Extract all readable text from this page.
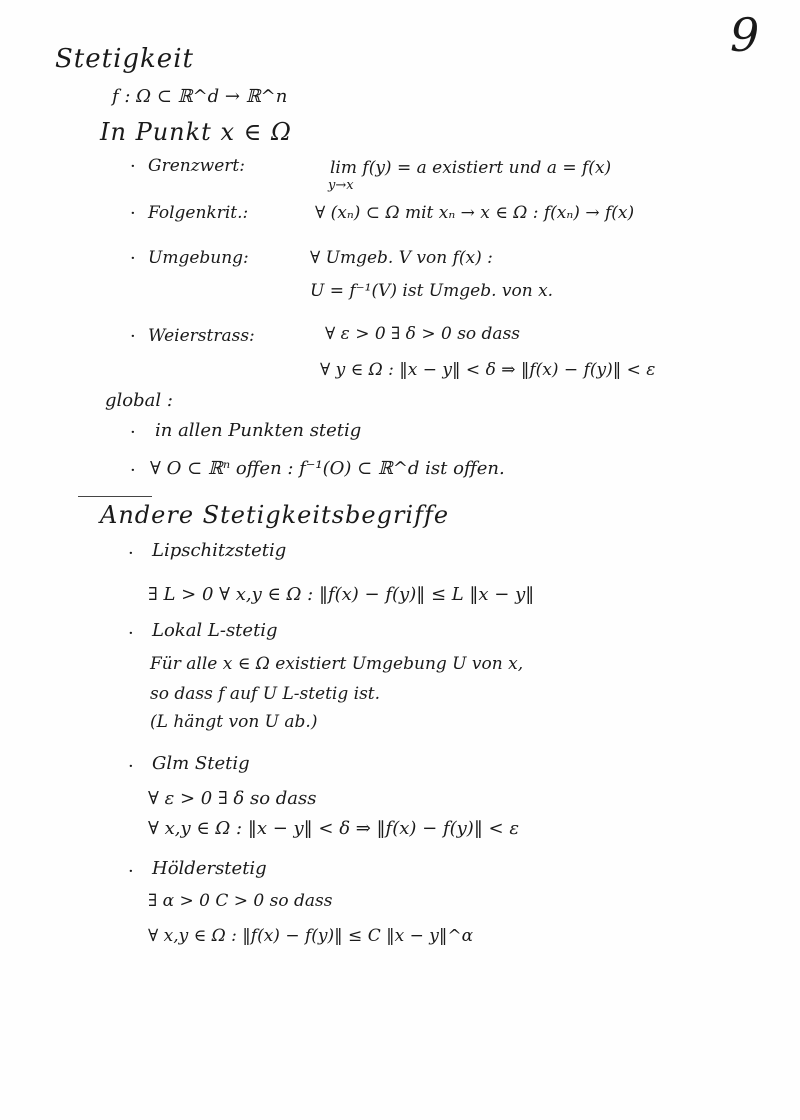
9
Stetigkeit
f : Ω ⊂ ℝ^d → ℝ^n
In Punkt x ∈ Ω
· Grenzwert:	lim f(y) = a existiert und a = f(x)
y→x
· Folgenkrit.:	∀ (xₙ) ⊂ Ω mit xₙ → x ∈ Ω : f(xₙ) → f(x)
· Umgebung:	∀ Umgeb. V von f(x) :
U = f⁻¹(V) ist Umgeb. von x.
· Weierstrass:	∀ ε > 0 ∃ δ > 0 so dass
∀ y ∈ Ω : ‖x − y‖ < δ ⇒ ‖f(x) − f(y)‖ < ε
global :
· in allen Punkten stetig
· ∀ O ⊂ ℝⁿ offen : f⁻¹(O) ⊂ ℝ^d ist offen.
Andere Stetigkeitsbegriffe
· Lipschitzstetig
∃ L > 0 ∀ x,y ∈ Ω : ‖f(x) − f(y)‖ ≤ L ‖x − y‖
· Lokal L-stetig
Für alle x ∈ Ω existiert Umgebung U von x,
so dass f auf U L-stetig ist.
(L hängt von U ab.)
· Glm Stetig
∀ ε > 0 ∃ δ so dass
∀ x,y ∈ Ω : ‖x − y‖ < δ ⇒ ‖f(x) − f(y)‖ < ε
· Hölderstetig
∃ α > 0 C > 0 so dass
∀ x,y ∈ Ω : ‖f(x) − f(y)‖ ≤ C ‖x − y‖^α
